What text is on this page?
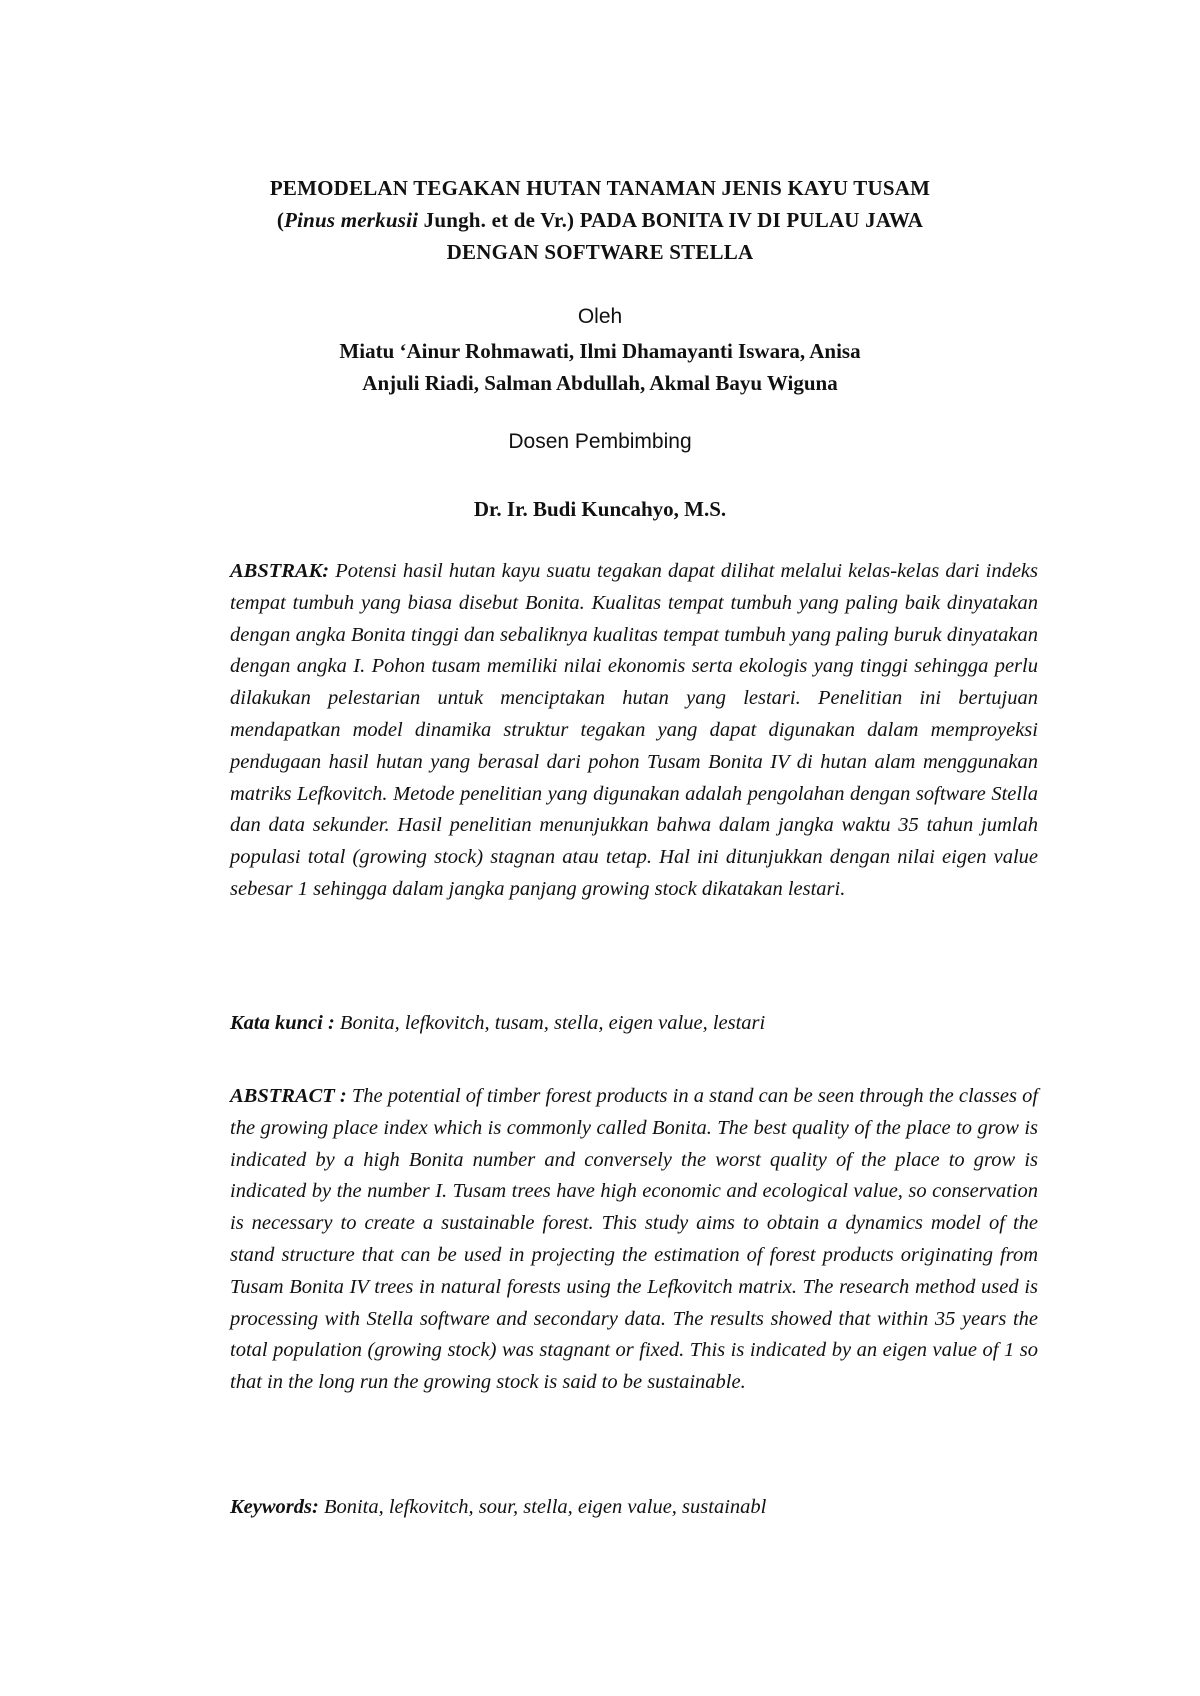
PEMODELAN TEGAKAN HUTAN TANAMAN JENIS KAYU TUSAM
(Pinus merkusii Jungh. et de Vr.) PADA BONITA IV DI PULAU JAWA
DENGAN SOFTWARE STELLA
Oleh
Miatu ‘Ainur Rohmawati, Ilmi Dhamayanti Iswara, Anisa
Anjuli Riadi, Salman Abdullah, Akmal Bayu Wiguna
Dosen Pembimbing
Dr. Ir. Budi Kuncahyo, M.S.
ABSTRAK: Potensi hasil hutan kayu suatu tegakan dapat dilihat melalui kelas-kelas dari indeks tempat tumbuh yang biasa disebut Bonita. Kualitas tempat tumbuh yang paling baik dinyatakan dengan angka Bonita tinggi dan sebaliknya kualitas tempat tumbuh yang paling buruk dinyatakan dengan angka I. Pohon tusam memiliki nilai ekonomis serta ekologis yang tinggi sehingga perlu dilakukan pelestarian untuk menciptakan hutan yang lestari. Penelitian ini bertujuan mendapatkan model dinamika struktur tegakan yang dapat digunakan dalam memproyeksi pendugaan hasil hutan yang berasal dari pohon Tusam Bonita IV di hutan alam menggunakan matriks Lefkovitch. Metode penelitian yang digunakan adalah pengolahan dengan software Stella dan data sekunder. Hasil penelitian menunjukkan bahwa dalam jangka waktu 35 tahun jumlah populasi total (growing stock) stagnan atau tetap. Hal ini ditunjukkan dengan nilai eigen value sebesar 1 sehingga dalam jangka panjang growing stock dikatakan lestari.
Kata kunci : Bonita, lefkovitch, tusam, stella, eigen value, lestari
ABSTRACT : The potential of timber forest products in a stand can be seen through the classes of the growing place index which is commonly called Bonita. The best quality of the place to grow is indicated by a high Bonita number and conversely the worst quality of the place to grow is indicated by the number I. Tusam trees have high economic and ecological value, so conservation is necessary to create a sustainable forest. This study aims to obtain a dynamics model of the stand structure that can be used in projecting the estimation of forest products originating from Tusam Bonita IV trees in natural forests using the Lefkovitch matrix. The research method used is processing with Stella software and secondary data. The results showed that within 35 years the total population (growing stock) was stagnant or fixed. This is indicated by an eigen value of 1 so that in the long run the growing stock is said to be sustainable.
Keywords: Bonita, lefkovitch, sour, stella, eigen value, sustainabl
